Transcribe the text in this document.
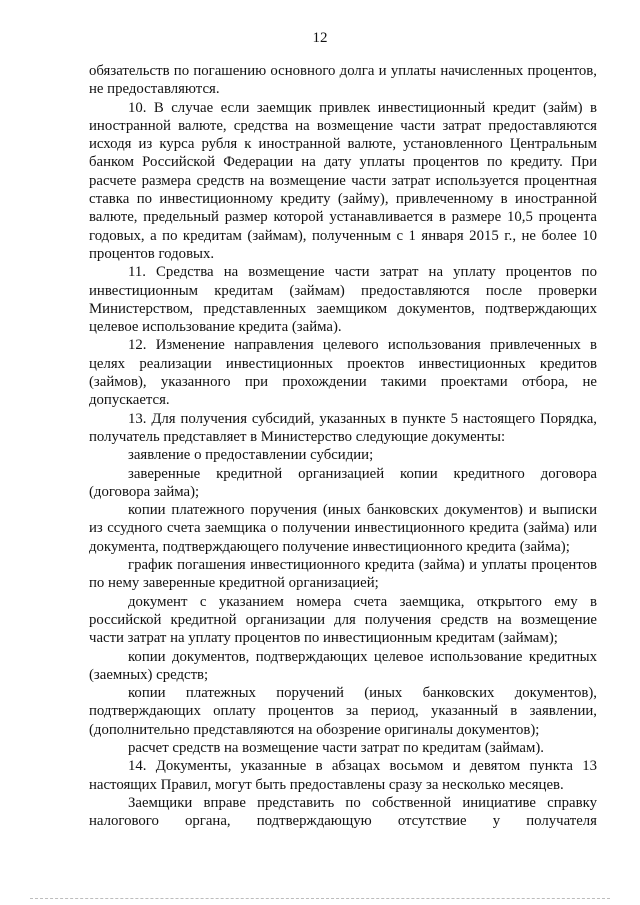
12

обязательств по погашению основного долга и уплаты начисленных процентов, не предоставляются.

10. В случае если заемщик привлек инвестиционный кредит (займ) в иностранной валюте, средства на возмещение части затрат предоставляются исходя из курса рубля к иностранной валюте, установленного Центральным банком Российской Федерации на дату уплаты процентов по кредиту. При расчете размера средств на возмещение части затрат используется процентная ставка по инвестиционному кредиту (займу), привлеченному в иностранной валюте, предельный размер которой устанавливается в размере 10,5 процента годовых, а по кредитам (займам), полученным с 1 января 2015 г., не более 10 процентов годовых.

11. Средства на возмещение части затрат на уплату процентов по инвестиционным кредитам (займам) предоставляются после проверки Министерством, представленных заемщиком документов, подтверждающих целевое использование кредита (займа).

12. Изменение направления целевого использования привлеченных в целях реализации инвестиционных проектов инвестиционных кредитов (займов), указанного при прохождении такими проектами отбора, не допускается.

13. Для получения субсидий, указанных в пункте 5 настоящего Порядка, получатель представляет в Министерство следующие документы:

заявление о предоставлении субсидии;

заверенные кредитной организацией копии кредитного договора (договора займа);

копии платежного поручения (иных банковских документов) и выписки из ссудного счета заемщика о получении инвестиционного кредита (займа) или документа, подтверждающего получение инвестиционного кредита (займа);

график погашения инвестиционного кредита (займа) и уплаты процентов по нему заверенные кредитной организацией;

документ с указанием номера счета заемщика, открытого ему в российской кредитной организации для получения средств на возмещение части затрат на уплату процентов по инвестиционным кредитам (займам);

копии документов, подтверждающих целевое использование кредитных (заемных) средств;

копии платежных поручений (иных банковских документов), подтверждающих оплату процентов за период, указанный в заявлении, (дополнительно представляются на обозрение оригиналы документов);

расчет средств на возмещение части затрат по кредитам (займам).

14. Документы, указанные в абзацах восьмом и девятом пункта 13 настоящих Правил, могут быть предоставлены сразу за несколько месяцев.

Заемщики вправе представить по собственной инициативе справку налогового органа, подтверждающую отсутствие у получателя
